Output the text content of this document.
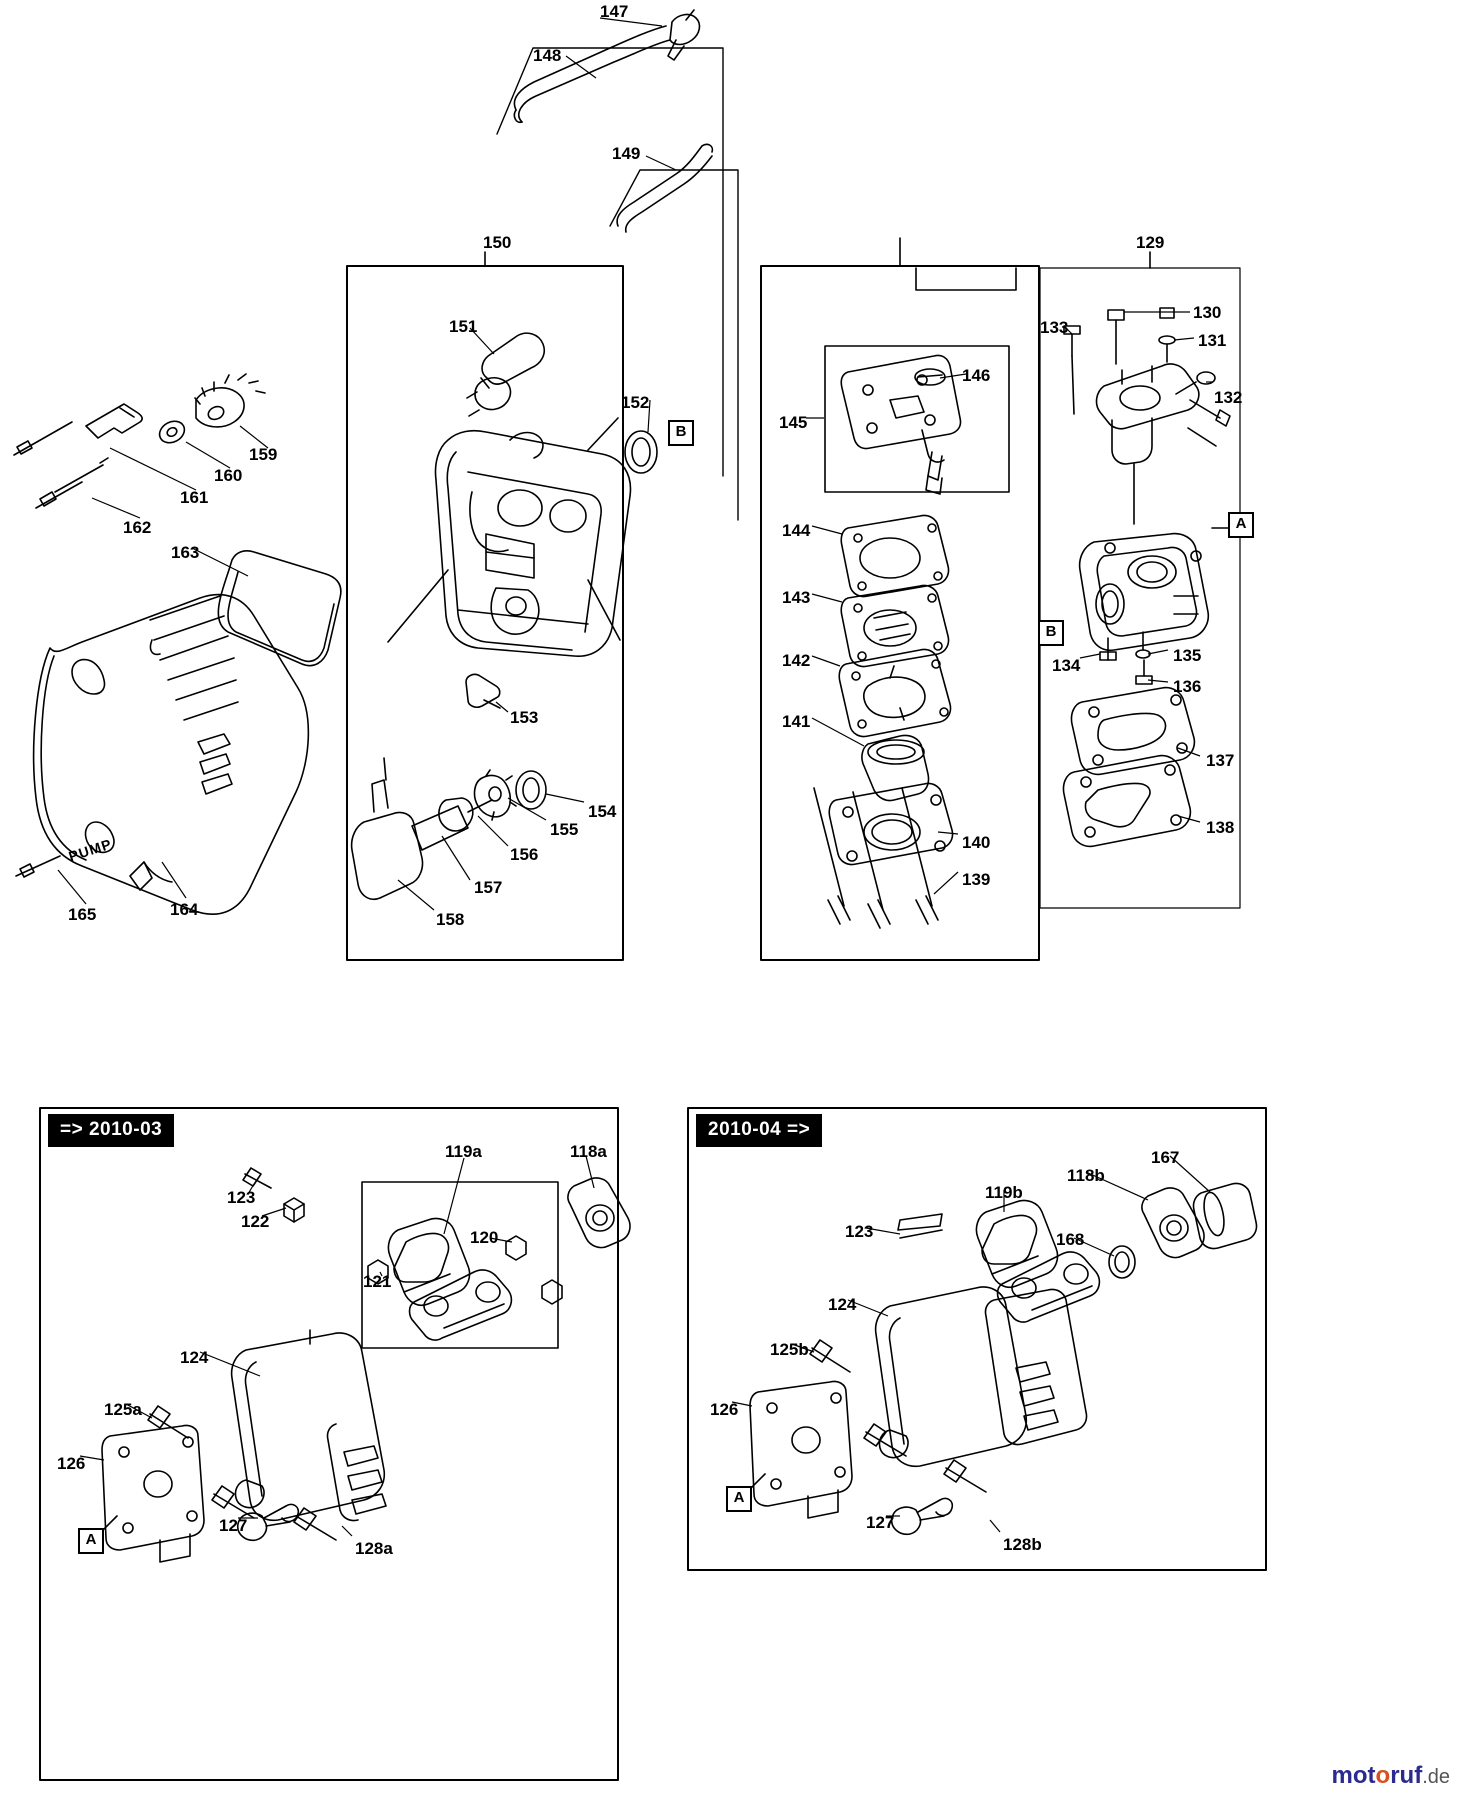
=> 2010-03	2010-04 =>
B
A
B
A
A
PUMP
147
148
149
150	129
151
152
130
131
133
132
146
145
159
160
161
162
163
144
143
142
141
134
135
136
137
138
153
154
155
156
157
158
140
139
165	164
119a	118a
123
122
120
121
124
125a
126
127
128a
167
118b
119b
168
123
124
125b
126
127
128b
motoruf.de
